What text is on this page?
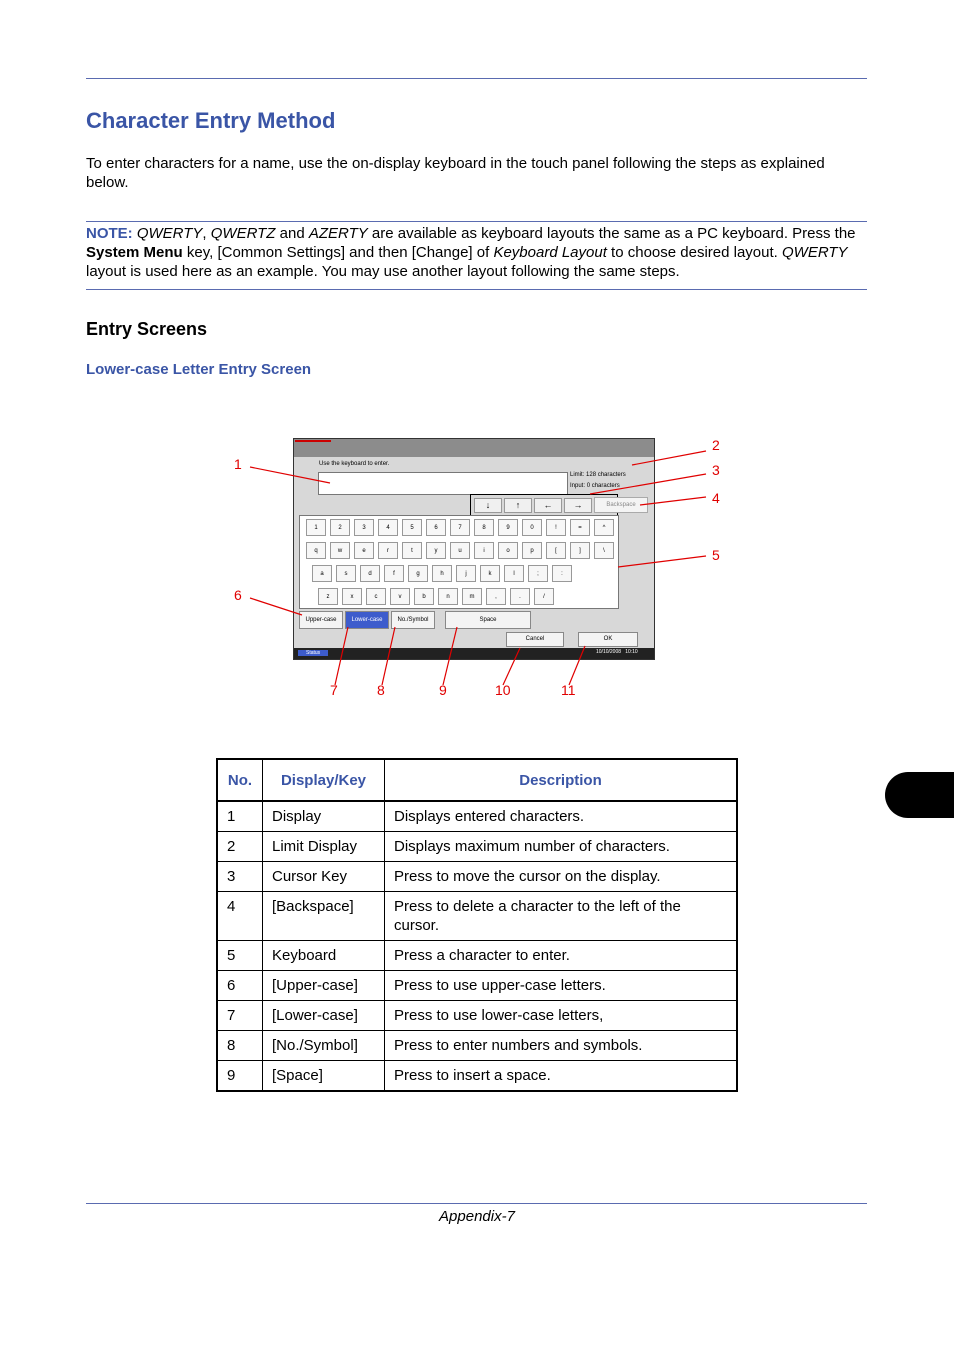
Character Entry Method

To enter characters for a name, use the on-display keyboard in the touch panel following the steps as explained below.

NOTE: QWERTY, QWERTZ and AZERTY are available as keyboard layouts the same as a PC keyboard. Press the System Menu key, [Common Settings] and then [Change] of Keyboard Layout to choose desired layout. QWERTY layout is used here as an example. You may use another layout following the same steps.

Entry Screens
Lower-case Letter Entry Screen
Use the keyboard to enter.
Limit: 128 characters
Input: 0 characters
↓	↑	←	→	Backspace
1	2	3	4	5	6	7	8	9	0	!	=	^
q	w	e	r	t	y	u	i	o	p	[	]	\
a	s	d	f	g	h	j	k	l	;	:
z	x	c	v	b	n	m	,	.	/
Upper-case	Lower-case	No./Symbol	Space
Cancel	OK
Status	10/10/2008 10:10
1
2
3
4
5
6
7	8	9	10	11
No.	Display/Key	Description
1	Display	Displays entered characters.
2	Limit Display	Displays maximum number of characters.
3	Cursor Key	Press to move the cursor on the display.
4	[Backspace]	Press to delete a character to the left of the cursor.
5	Keyboard	Press a character to enter.
6	[Upper-case]	Press to use upper-case letters.
7	[Lower-case]	Press to use lower-case letters,
8	[No./Symbol]	Press to enter numbers and symbols.
9	[Space]	Press to insert a space.
Appendix-7
